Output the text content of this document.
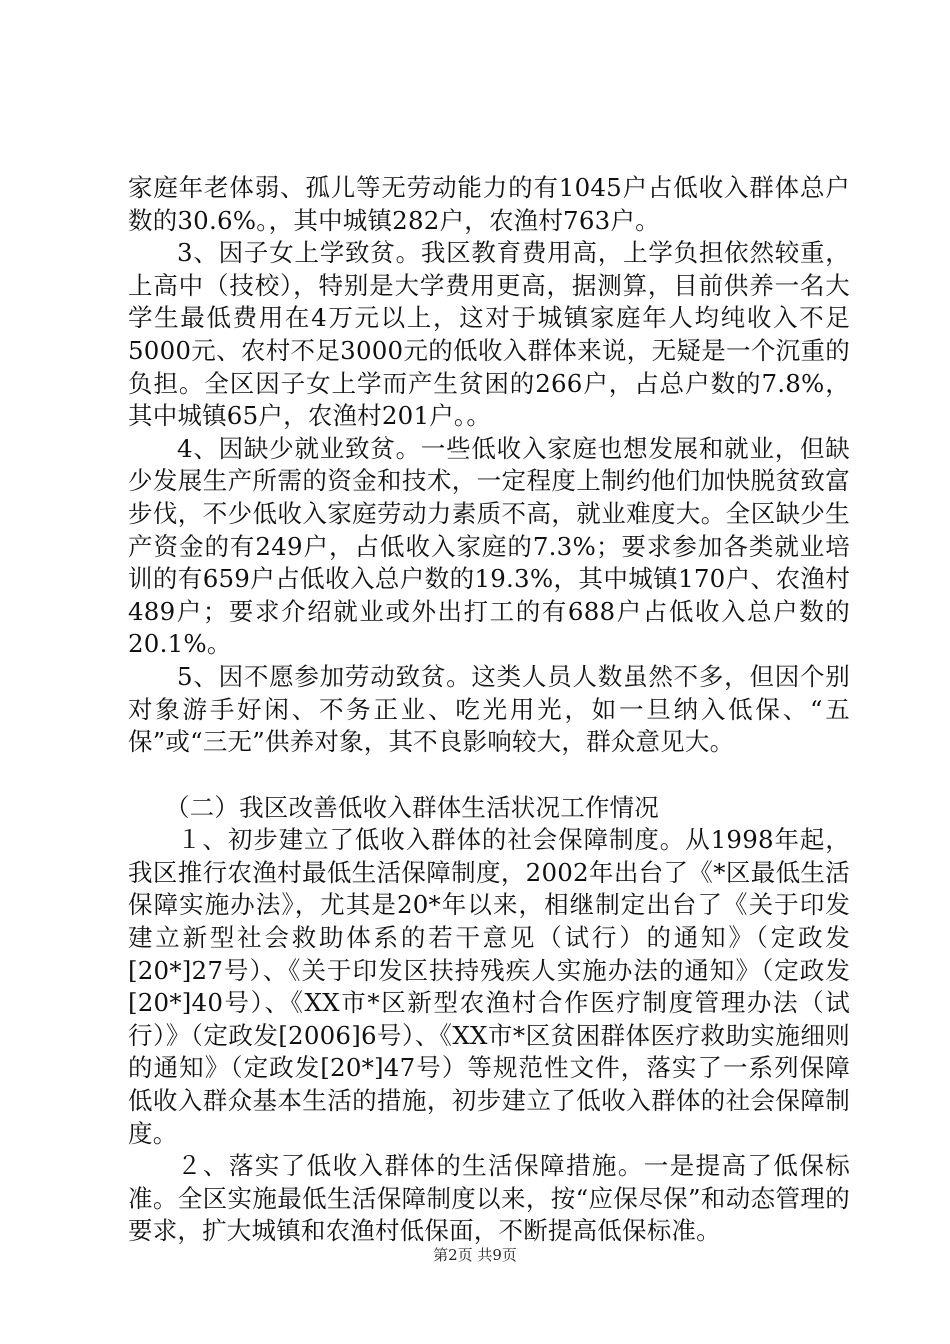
家庭年老体弱、孤儿等无劳动能力的有1045户占低收入群体总户数的30.6%。，其中城镇282户，农渔村763户。

3、因子女上学致贫。我区教育费用高，上学负担依然较重，上高中（技校），特别是大学费用更高，据测算，目前供养一名大学生最低费用在4万元以上，这对于城镇家庭年人均纯收入不足5000元、农村不足3000元的低收入群体来说，无疑是一个沉重的负担。全区因子女上学而产生贫困的266户，占总户数的7.8%，其中城镇65户，农渔村201户。。

4、因缺少就业致贫。一些低收入家庭也想发展和就业，但缺少发展生产所需的资金和技术，一定程度上制约他们加快脱贫致富步伐，不少低收入家庭劳动力素质不高，就业难度大。全区缺少生产资金的有249户，占低收入家庭的7.3%；要求参加各类就业培训的有659户占低收入总户数的19.3%，其中城镇170户、农渔村489户；要求介绍就业或外出打工的有688户占低收入总户数的20.1%。

5、因不愿参加劳动致贫。这类人员人数虽然不多，但因个别对象游手好闲、不务正业、吃光用光，如一旦纳入低保、“五保”或“三无”供养对象，其不良影响较大，群众意见大。

（二）我区改善低收入群体生活状况工作情况

１、初步建立了低收入群体的社会保障制度。从1998年起，我区推行农渔村最低生活保障制度，2002年出台了《*区最低生活保障实施办法》，尤其是20*年以来，相继制定出台了《关于印发建立新型社会救助体系的若干意见（试行）的通知》（定政发[20*]27号）、《关于印发区扶持残疾人实施办法的通知》（定政发[20*]40号）、《XX市*区新型农渔村合作医疗制度管理办法（试行）》（定政发[2006]6号）、《XX市*区贫困群体医疗救助实施细则的通知》（定政发[20*]47号）等规范性文件，落实了一系列保障低收入群众基本生活的措施，初步建立了低收入群体的社会保障制度。

２、落实了低收入群体的生活保障措施。一是提高了低保标准。全区实施最低生活保障制度以来，按“应保尽保”和动态管理的要求，扩大城镇和农渔村低保面，不断提高低保标准。

第2页 共9页
